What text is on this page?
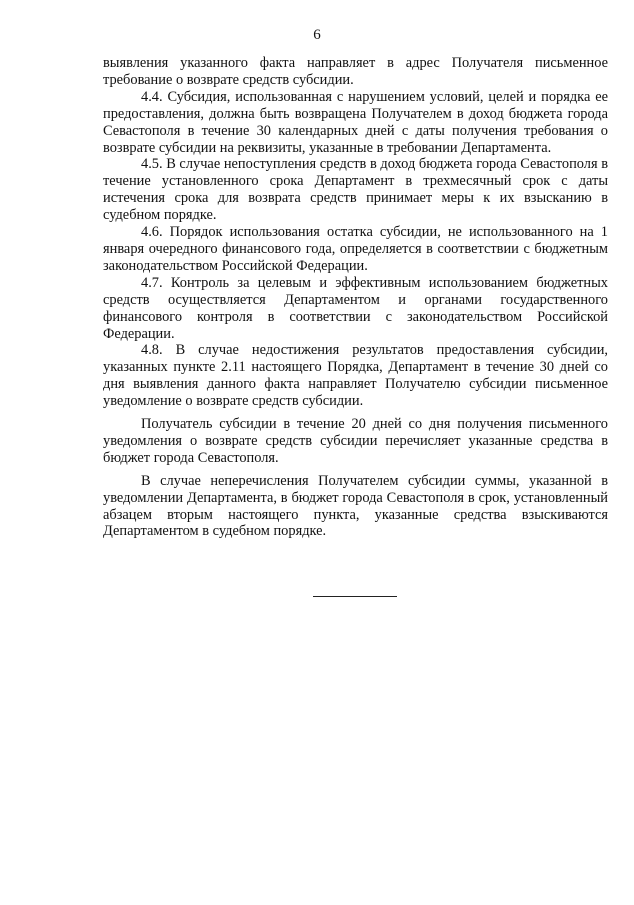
6

выявления указанного факта направляет в адрес Получателя письменное требование о возврате средств субсидии.

4.4. Субсидия, использованная с нарушением условий, целей и порядка ее предоставления, должна быть возвращена Получателем в доход бюджета города Севастополя в течение 30 календарных дней с даты получения требования о возврате субсидии на реквизиты, указанные в требовании Департамента.

4.5. В случае непоступления средств в доход бюджета города Севастополя в течение установленного срока Департамент в трехмесячный срок с даты истечения срока для возврата средств принимает меры к их взысканию в судебном порядке.

4.6. Порядок использования остатка субсидии, не использованного на 1 января очередного финансового года, определяется в соответствии с бюджетным законодательством Российской Федерации.

4.7. Контроль за целевым и эффективным использованием бюджетных средств осуществляется Департаментом и органами государственного финансового контроля в соответствии с законодательством Российской Федерации.

4.8. В случае недостижения результатов предоставления субсидии, указанных пункте 2.11 настоящего Порядка, Департамент в течение 30 дней со дня выявления данного факта направляет Получателю субсидии письменное уведомление о возврате средств субсидии.

Получатель субсидии в течение 20 дней со дня получения письменного уведомления о возврате средств субсидии перечисляет указанные средства в бюджет города Севастополя.

В случае неперечисления Получателем субсидии суммы, указанной в уведомлении Департамента, в бюджет города Севастополя в срок, установленный абзацем вторым настоящего пункта, указанные средства взыскиваются Департаментом в судебном порядке.
